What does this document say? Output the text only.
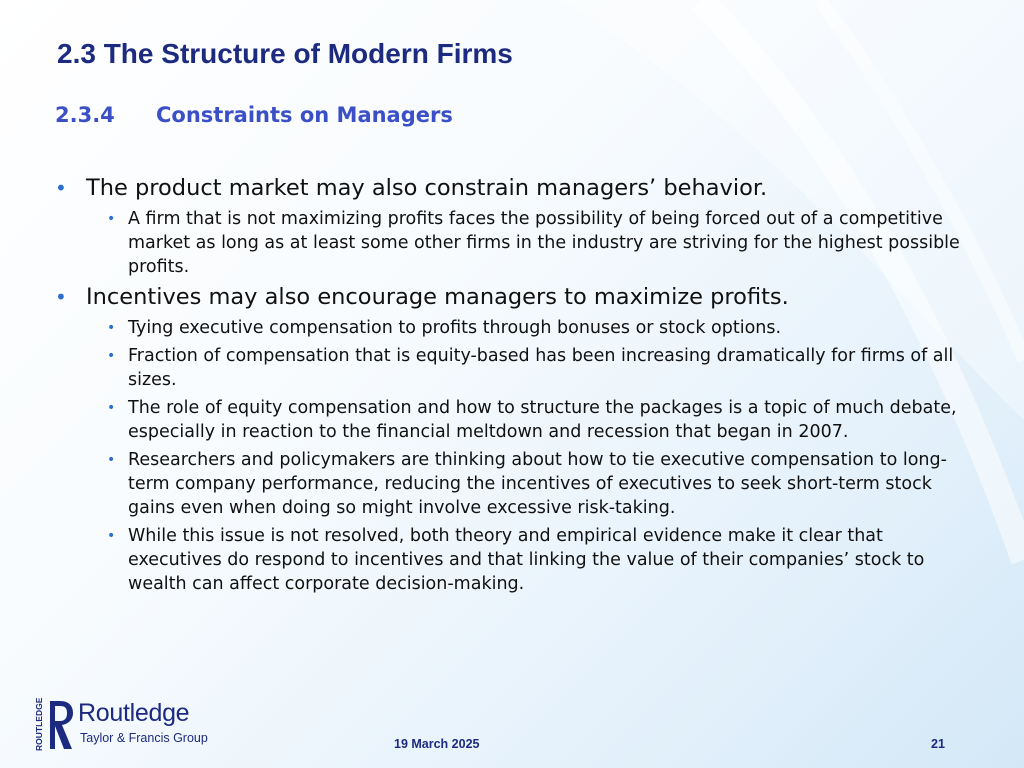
2.3 The Structure of Modern Firms
2.3.4 Constraints on Managers
• The product market may also constrain managers’ behavior.
• A firm that is not maximizing profits faces the possibility of being forced out of a competitive market as long as at least some other firms in the industry are striving for the highest possible profits.
• Incentives may also encourage managers to maximize profits.
• Tying executive compensation to profits through bonuses or stock options.
• Fraction of compensation that is equity-based has been increasing dramatically for firms of all sizes.
• The role of equity compensation and how to structure the packages is a topic of much debate, especially in reaction to the financial meltdown and recession that began in 2007.
• Researchers and policymakers are thinking about how to tie executive compensation to long-term company performance, reducing the incentives of executives to seek short-term stock gains even when doing so might involve excessive risk-taking.
• While this issue is not resolved, both theory and empirical evidence make it clear that executives do respond to incentives and that linking the value of their companies’ stock to wealth can affect corporate decision-making.
ROUTLEDGE Routledge
Taylor & Francis Group	19 March 2025	21
